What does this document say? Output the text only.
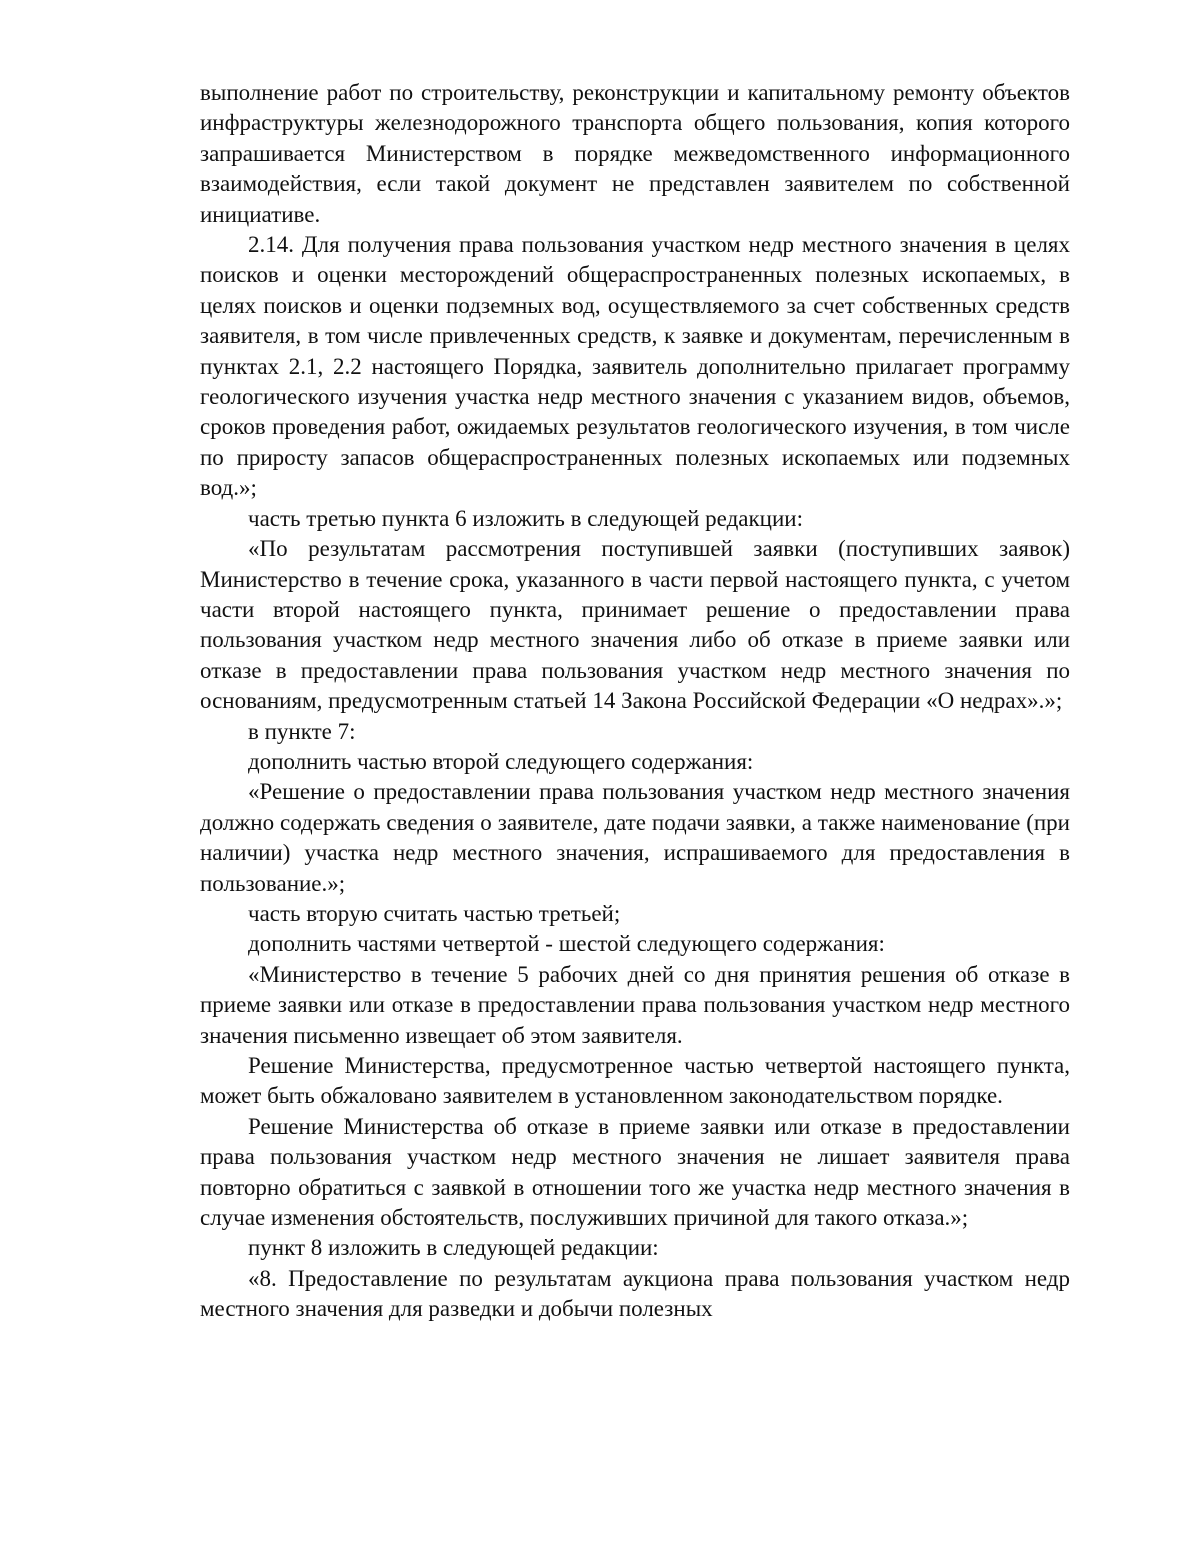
выполнение работ по строительству, реконструкции и капитальному ремонту объектов инфраструктуры железнодорожного транспорта общего пользования, копия которого запрашивается Министерством в порядке межведомственного информационного взаимодействия, если такой документ не представлен заявителем по собственной инициативе.

2.14. Для получения права пользования участком недр местного значения в целях поисков и оценки месторождений общераспространенных полезных ископаемых, в целях поисков и оценки подземных вод, осуществляемого за счет собственных средств заявителя, в том числе привлеченных средств, к заявке и документам, перечисленным в пунктах 2.1, 2.2 настоящего Порядка, заявитель дополнительно прилагает программу геологического изучения участка недр местного значения с указанием видов, объемов, сроков проведения работ, ожидаемых результатов геологического изучения, в том числе по приросту запасов общераспространенных полезных ископаемых или подземных вод.»;

часть третью пункта 6 изложить в следующей редакции:

«По результатам рассмотрения поступившей заявки (поступивших заявок) Министерство в течение срока, указанного в части первой настоящего пункта, с учетом части второй настоящего пункта, принимает решение о предоставлении права пользования участком недр местного значения либо об отказе в приеме заявки или отказе в предоставлении права пользования участком недр местного значения по основаниям, предусмотренным статьей 14 Закона Российской Федерации «О недрах».»;

в пункте 7:

дополнить частью второй следующего содержания:

«Решение о предоставлении права пользования участком недр местного значения должно содержать сведения о заявителе, дате подачи заявки, а также наименование (при наличии) участка недр местного значения, испрашиваемого для предоставления в пользование.»;

часть вторую считать частью третьей;

дополнить частями четвертой - шестой следующего содержания:

«Министерство в течение 5 рабочих дней со дня принятия решения об отказе в приеме заявки или отказе в предоставлении права пользования участком недр местного значения письменно извещает об этом заявителя.

Решение Министерства, предусмотренное частью четвертой настоящего пункта, может быть обжаловано заявителем в установленном законодательством порядке.

Решение Министерства об отказе в приеме заявки или отказе в предоставлении права пользования участком недр местного значения не лишает заявителя права повторно обратиться с заявкой в отношении того же участка недр местного значения в случае изменения обстоятельств, послуживших причиной для такого отказа.»;

пункт 8 изложить в следующей редакции:

«8. Предоставление по результатам аукциона права пользования участком недр местного значения для разведки и добычи полезных
